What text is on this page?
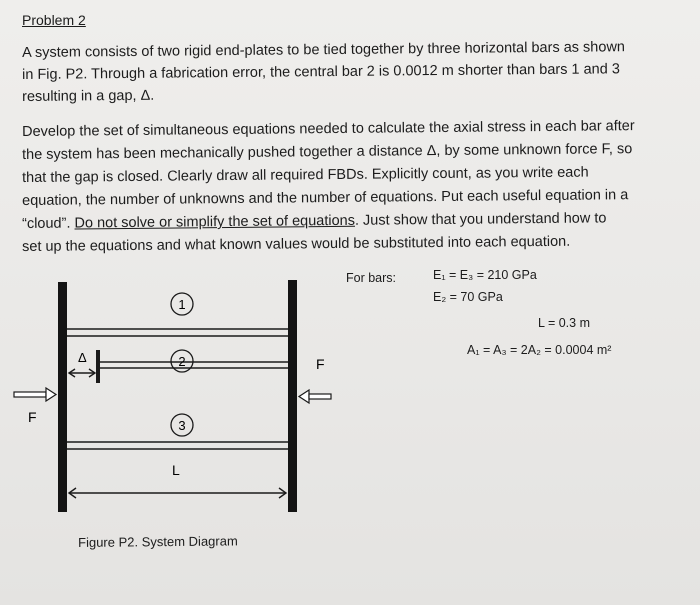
Problem 2
A system consists of two rigid end-plates to be tied together by three horizontal bars as shown
in Fig. P2. Through a fabrication error, the central bar 2 is 0.0012 m shorter than bars 1 and 3
resulting in a gap, Δ.
Develop the set of simultaneous equations needed to calculate the axial stress in each bar after
the system has been mechanically pushed together a distance Δ, by some unknown force F, so
that the gap is closed. Clearly draw all required FBDs. Explicitly count, as you write each
equation, the number of unknowns and the number of equations. Put each useful equation in a
“cloud”. Do not solve or simplify the set of equations. Just show that you understand how to
set up the equations and what known values would be substituted into each equation.
For bars:	E₁ = E₃ = 210 GPa
E₂ = 70 GPa
L = 0.3 m
A₁ = A₃ = 2A₂ = 0.0004 m²
Δ
1
2
3
F
F
L
Figure P2. System Diagram
